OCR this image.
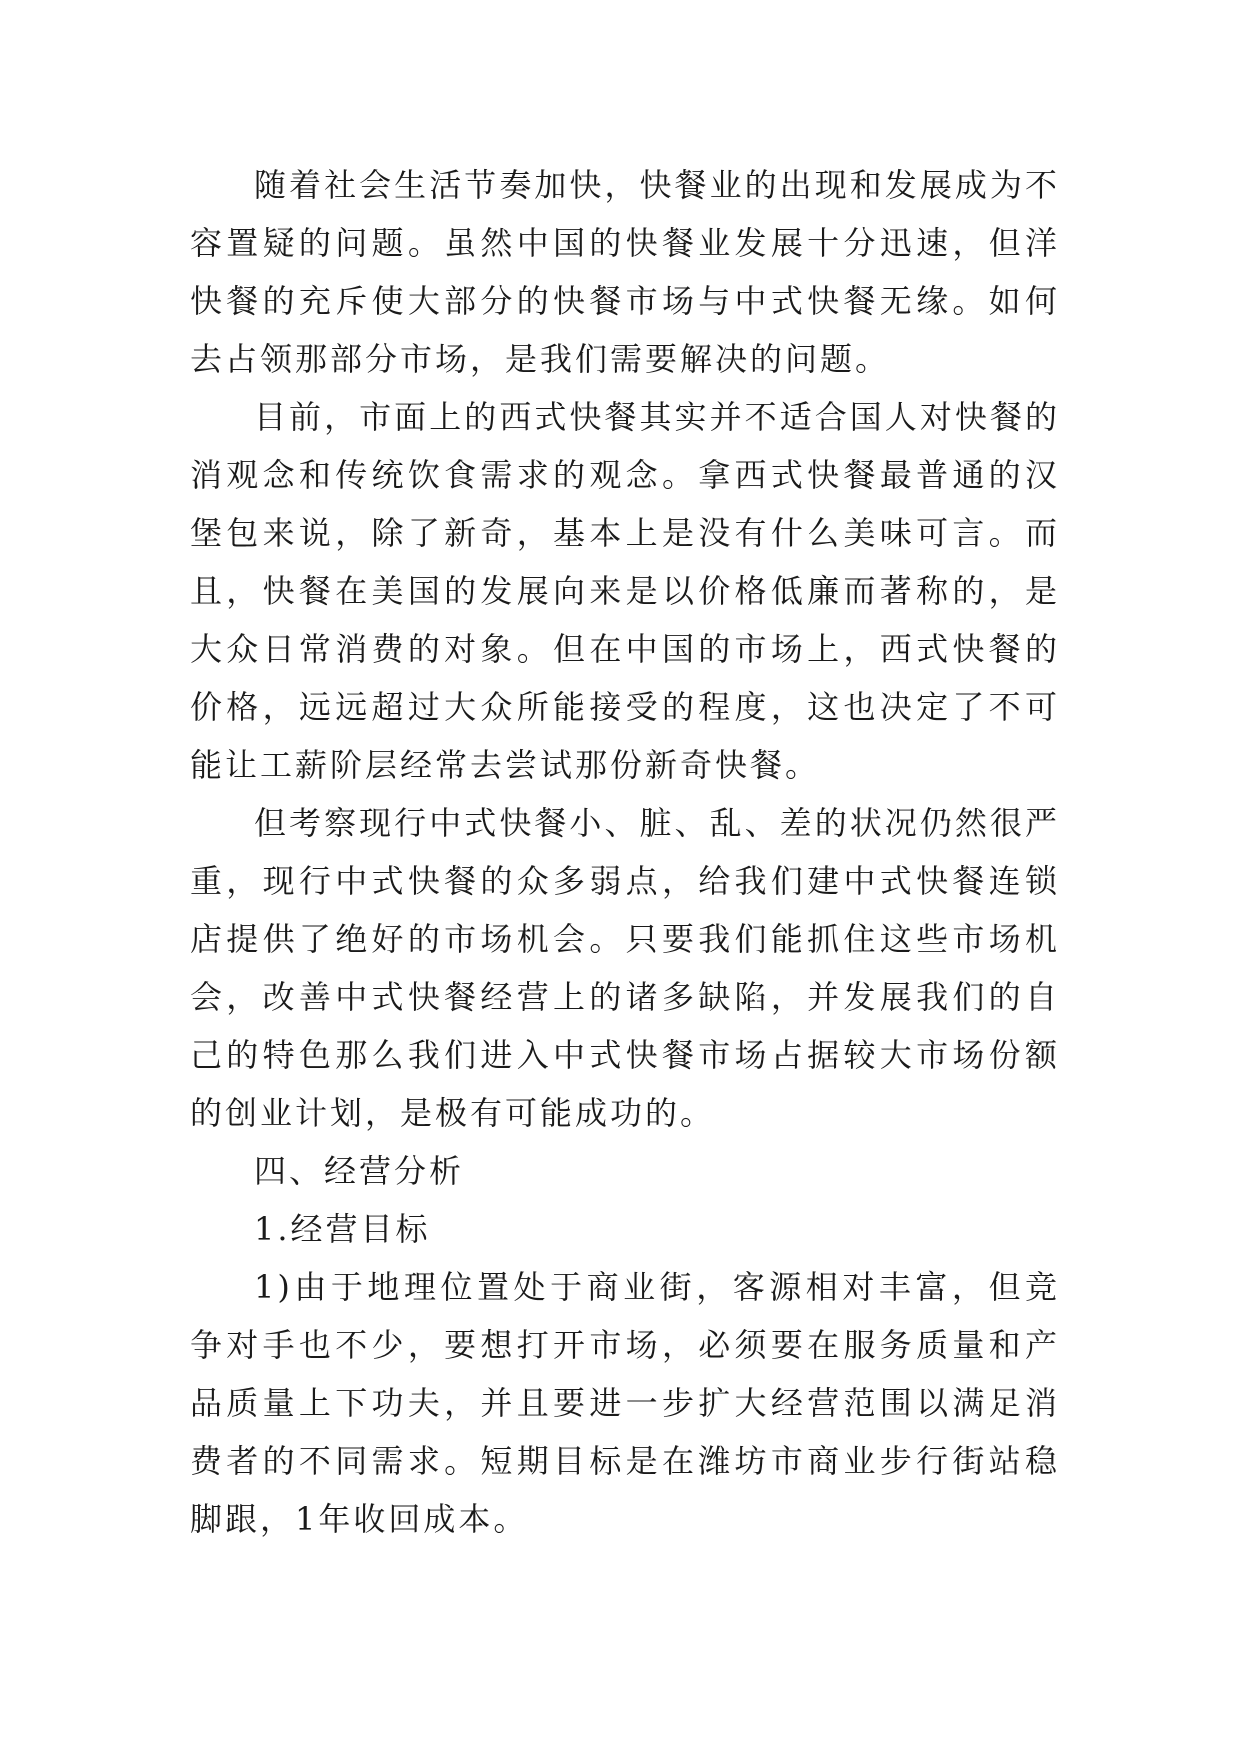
随着社会生活节奏加快，快餐业的出现和发展成为不容置疑的问题。虽然中国的快餐业发展十分迅速，但洋快餐的充斥使大部分的快餐市场与中式快餐无缘。如何去占领那部分市场，是我们需要解决的问题。

目前，市面上的西式快餐其实并不适合国人对快餐的消观念和传统饮食需求的观念。拿西式快餐最普通的汉堡包来说，除了新奇，基本上是没有什么美味可言。而且，快餐在美国的发展向来是以价格低廉而著称的，是大众日常消费的对象。但在中国的市场上，西式快餐的价格，远远超过大众所能接受的程度，这也决定了不可能让工薪阶层经常去尝试那份新奇快餐。

但考察现行中式快餐小、脏、乱、差的状况仍然很严重，现行中式快餐的众多弱点，给我们建中式快餐连锁店提供了绝好的市场机会。只要我们能抓住这些市场机会，改善中式快餐经营上的诸多缺陷，并发展我们的自己的特色那么我们进入中式快餐市场占据较大市场份额的创业计划，是极有可能成功的。

四、经营分析

1.经营目标

1)由于地理位置处于商业街，客源相对丰富，但竞争对手也不少，要想打开市场，必须要在服务质量和产品质量上下功夫，并且要进一步扩大经营范围以满足消费者的不同需求。短期目标是在潍坊市商业步行街站稳脚跟，1年收回成本。
